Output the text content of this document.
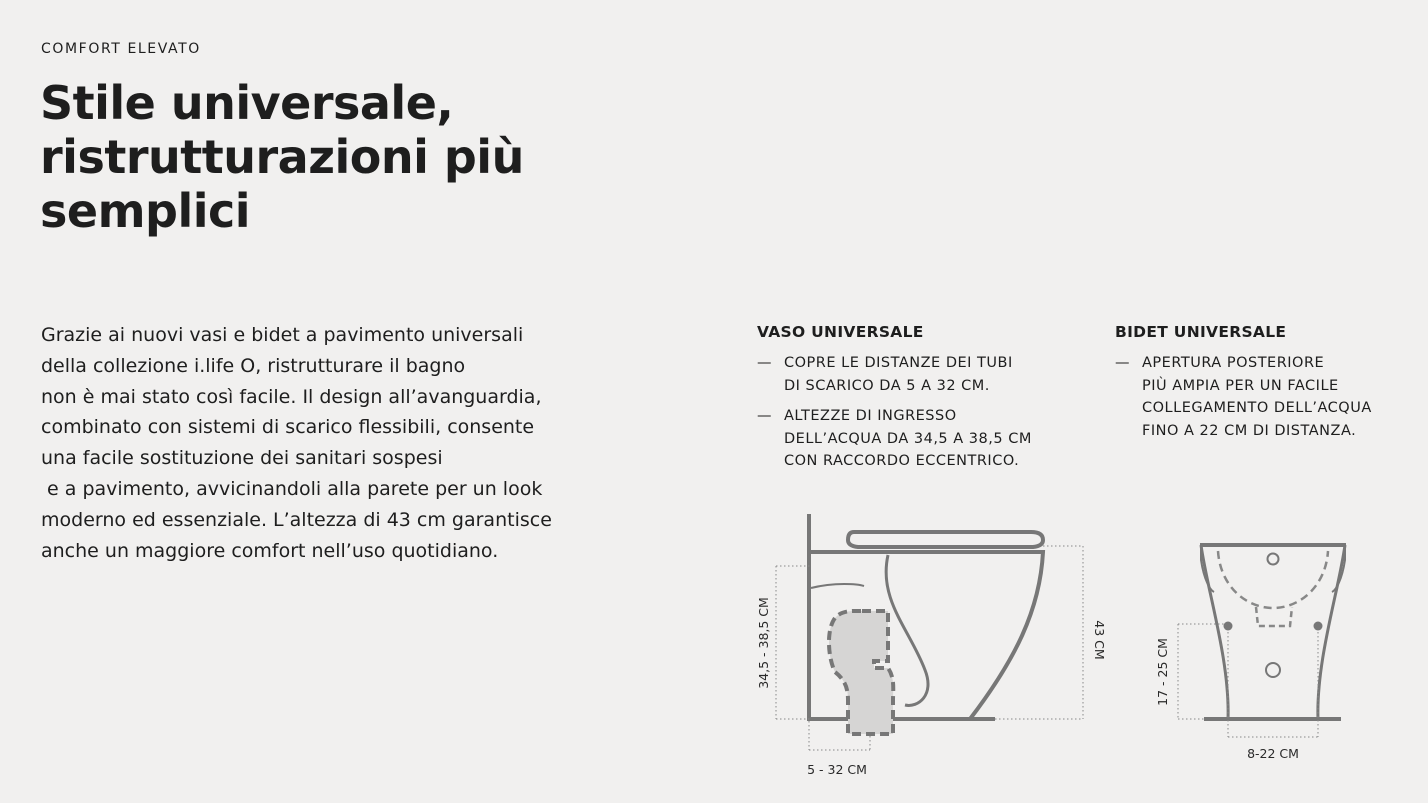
COMFORT ELEVATO

Stile universale,
ristrutturazioni più
semplici

Grazie ai nuovi vasi e bidet a pavimento universali
della collezione i.life O, ristrutturare il bagno
non è mai stato così facile. Il design all’avanguardia,
combinato con sistemi di scarico flessibili, consente
una facile sostituzione dei sanitari sospesi
e a pavimento, avvicinandoli alla parete per un look
moderno ed essenziale. L’altezza di 43 cm garantisce
anche un maggiore comfort nell’uso quotidiano.

VASO UNIVERSALE
— COPRE LE DISTANZE DEI TUBI
DI SCARICO DA 5 A 32 CM.
— ALTEZZE DI INGRESSO
DELL’ACQUA DA 34,5 A 38,5 CM
CON RACCORDO ECCENTRICO.
BIDET UNIVERSALE
— APERTURA POSTERIORE
PIÙ AMPIA PER UN FACILE
COLLEGAMENTO DELL’ACQUA
FINO A 22 CM DI DISTANZA.
34,5 - 38,5 CM	43 CM
5 - 32 CM
17 - 25 CM
8-22 CM
